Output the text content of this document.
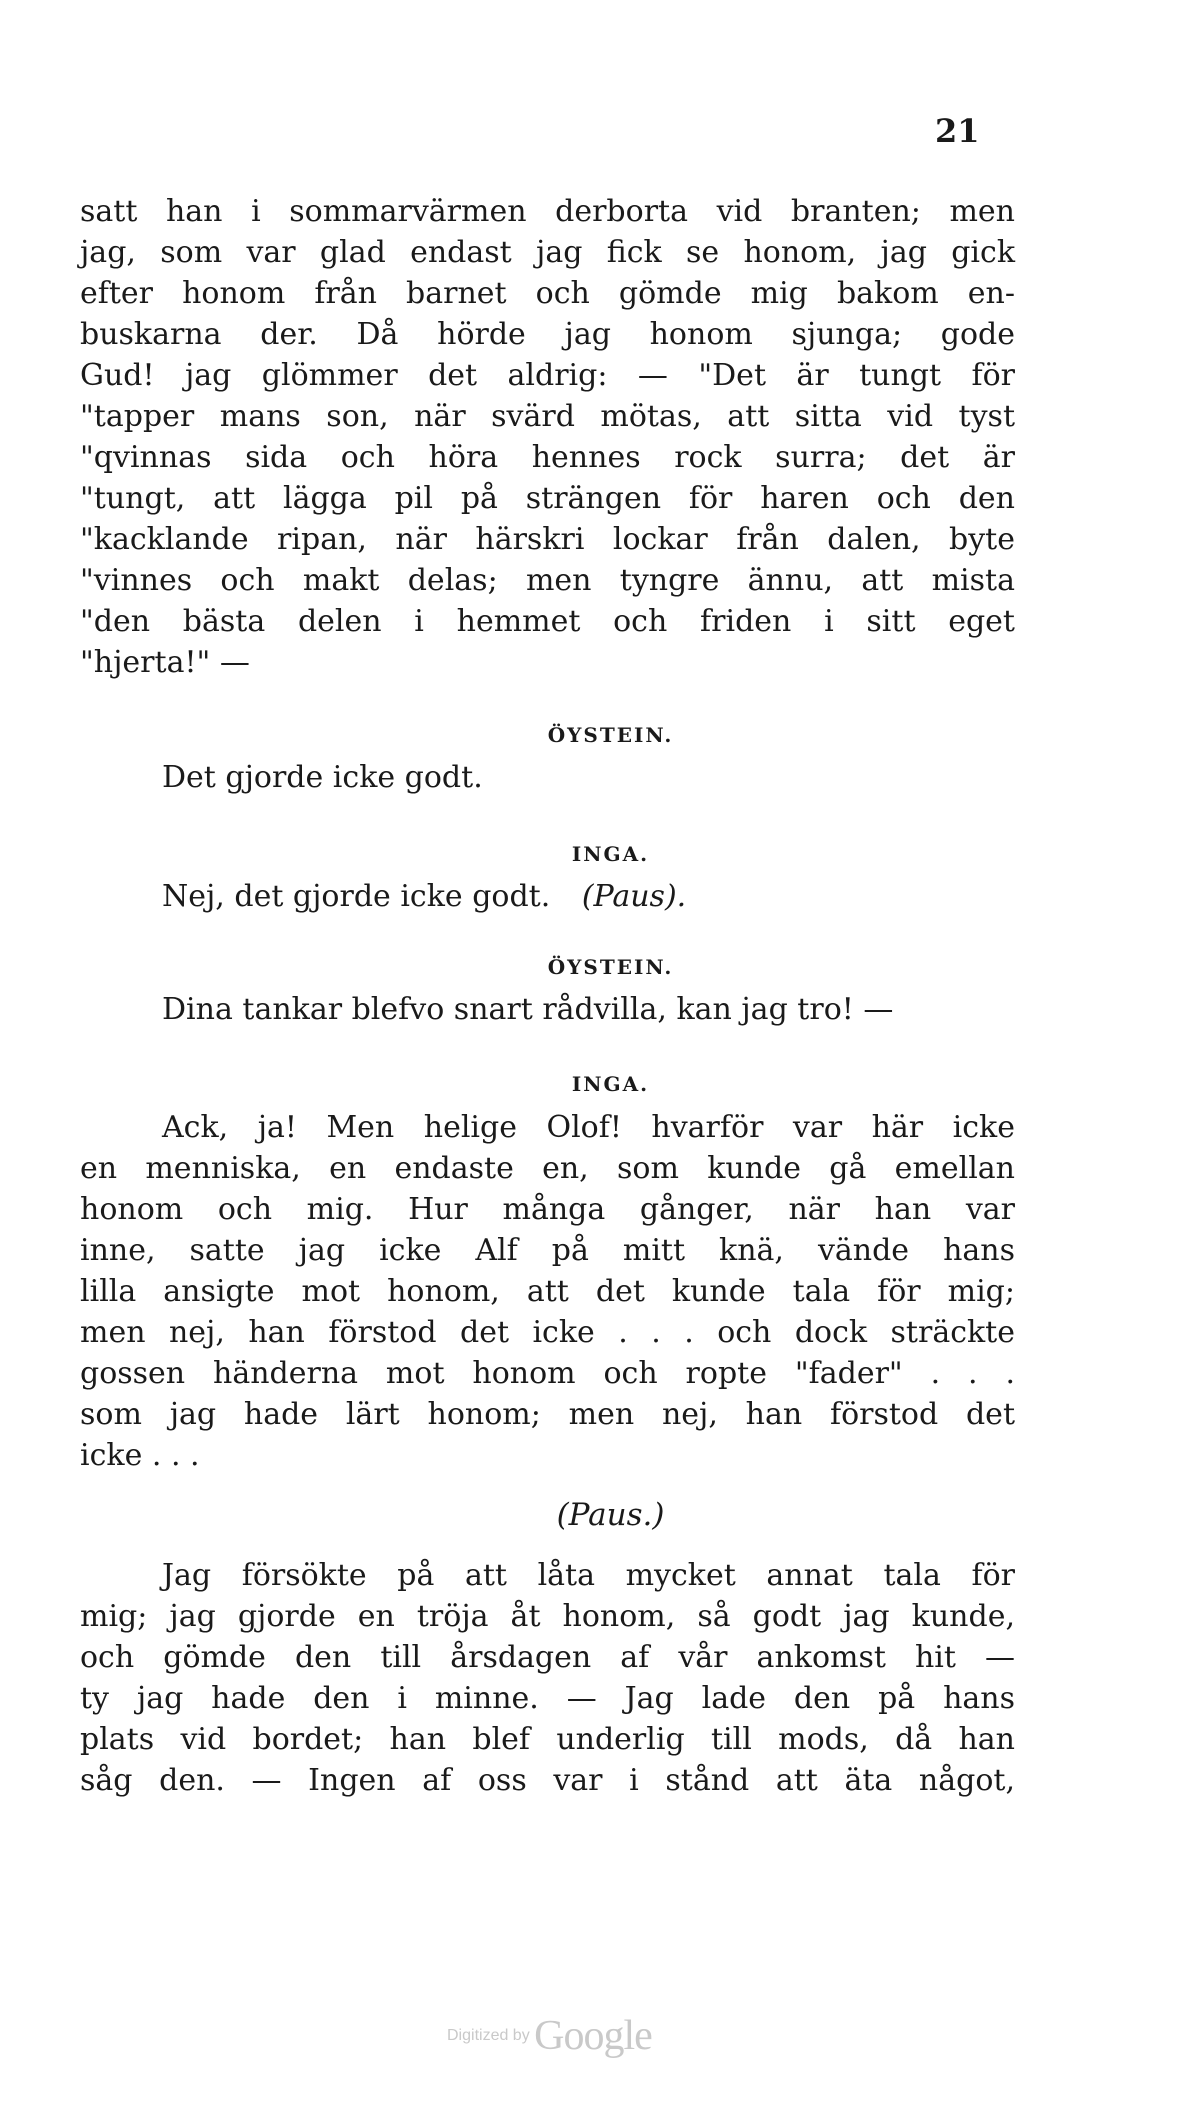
21
satt han i sommarvärmen derborta vid branten; men
jag, som var glad endast jag fick se honom, jag gick
efter honom från barnet och gömde mig bakom en-
buskarna der. Då hörde jag honom sjunga; gode
Gud! jag glömmer det aldrig: — "Det är tungt för
"tapper mans son, när svärd mötas, att sitta vid tyst
"qvinnas sida och höra hennes rock surra; det är
"tungt, att lägga pil på strängen för haren och den
"kacklande ripan, när härskri lockar från dalen, byte
"vinnes och makt delas; men tyngre ännu, att mista
"den bästa delen i hemmet och friden i sitt eget
"hjerta!" —
ÖYSTEIN.
Det gjorde icke godt.
INGA.
Nej, det gjorde icke godt. (Paus).
ÖYSTEIN.
Dina tankar blefvo snart rådvilla, kan jag tro! —
INGA.
Ack, ja! Men helige Olof! hvarför var här icke
en menniska, en endaste en, som kunde gå emellan
honom och mig. Hur många gånger, när han var
inne, satte jag icke Alf på mitt knä, vände hans
lilla ansigte mot honom, att det kunde tala för mig;
men nej, han förstod det icke . . . och dock sträckte
gossen händerna mot honom och ropte "fader" . . .
som jag hade lärt honom; men nej, han förstod det
icke . . .
(Paus.)
Jag försökte på att låta mycket annat tala för
mig; jag gjorde en tröja åt honom, så godt jag kunde,
och gömde den till årsdagen af vår ankomst hit —
ty jag hade den i minne. — Jag lade den på hans
plats vid bordet; han blef underlig till mods, då han
såg den. — Ingen af oss var i stånd att äta något,
Digitized by Google
